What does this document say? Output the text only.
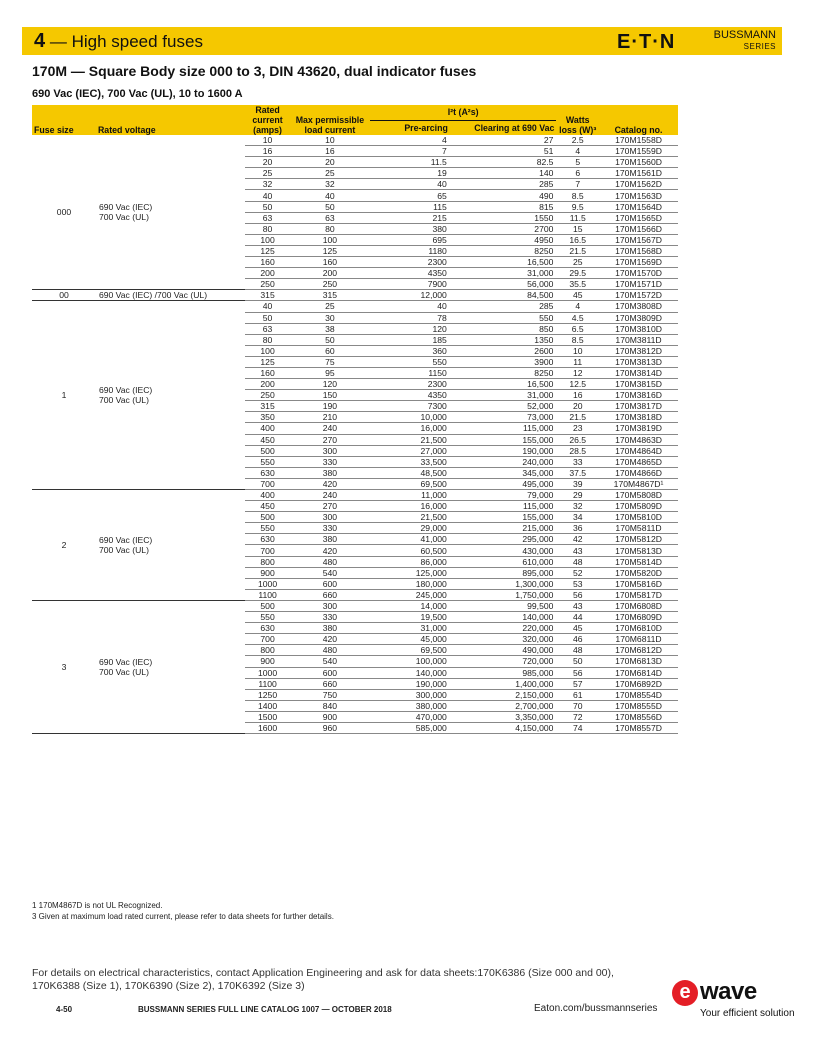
4 — High speed fuses	E·T·N	BUSSMANN
SERIES
170M — Square Body size 000 to 3, DIN 43620, dual indicator fuses
690 Vac (IEC), 700 Vac (UL), 10 to 1600 A
Fuse size	Rated voltage	Rated current (amps)	Max permissible load current	I²t (A²s)		Watts loss (W)³	Catalog no.
				Pre-arcing	Clearing at 690 Vac		
000	690 Vac (IEC)
700 Vac (UL)	10	10	4	27	2.5	170M1558D
		16	16	7	51	4	170M1559D
		20	20	11.5	82.5	5	170M1560D
		25	25	19	140	6	170M1561D
		32	32	40	285	7	170M1562D
		40	40	65	490	8.5	170M1563D
		50	50	115	815	9.5	170M1564D
		63	63	215	1550	11.5	170M1565D
		80	80	380	2700	15	170M1566D
		100	100	695	4950	16.5	170M1567D
		125	125	1180	8250	21.5	170M1568D
		160	160	2300	16,500	25	170M1569D
		200	200	4350	31,000	29.5	170M1570D
		250	250	7900	56,000	35.5	170M1571D
00	690 Vac (IEC) /700 Vac (UL)	315	315	12,000	84,500	45	170M1572D
1	690 Vac (IEC)
700 Vac (UL)	40	25	40	285	4	170M3808D
		50	30	78	550	4.5	170M3809D
		63	38	120	850	6.5	170M3810D
		80	50	185	1350	8.5	170M3811D
		100	60	360	2600	10	170M3812D
		125	75	550	3900	11	170M3813D
		160	95	1150	8250	12	170M3814D
		200	120	2300	16,500	12.5	170M3815D
		250	150	4350	31,000	16	170M3816D
		315	190	7300	52,000	20	170M3817D
		350	210	10,000	73,000	21.5	170M3818D
		400	240	16,000	115,000	23	170M3819D
		450	270	21,500	155,000	26.5	170M4863D
		500	300	27,000	190,000	28.5	170M4864D
		550	330	33,500	240,000	33	170M4865D
		630	380	48,500	345,000	37.5	170M4866D
		700	420	69,500	495,000	39	170M4867D¹
2	690 Vac (IEC)
700 Vac (UL)	400	240	11,000	79,000	29	170M5808D
		450	270	16,000	115,000	32	170M5809D
		500	300	21,500	155,000	34	170M5810D
		550	330	29,000	215,000	36	170M5811D
		630	380	41,000	295,000	42	170M5812D
		700	420	60,500	430,000	43	170M5813D
		800	480	86,000	610,000	48	170M5814D
		900	540	125,000	895,000	52	170M5820D
		1000	600	180,000	1,300,000	53	170M5816D
		1100	660	245,000	1,750,000	56	170M5817D
3	690 Vac (IEC)
700 Vac (UL)	500	300	14,000	99,500	43	170M6808D
		550	330	19,500	140,000	44	170M6809D
		630	380	31,000	220,000	45	170M6810D
		700	420	45,000	320,000	46	170M6811D
		800	480	69,500	490,000	48	170M6812D
		900	540	100,000	720,000	50	170M6813D
		1000	600	140,000	985,000	56	170M6814D
		1100	660	190,000	1,400,000	57	170M6892D
		1250	750	300,000	2,150,000	61	170M8554D
		1400	840	380,000	2,700,000	70	170M8555D
		1500	900	470,000	3,350,000	72	170M8556D
		1600	960	585,000	4,150,000	74	170M8557D
1 170M4867D is not UL Recognized.
3 Given at maximum load rated current, please refer to data sheets for further details.
For details on electrical characteristics, contact Application Engineering and ask for data sheets:170K6386 (Size 000 and 00), 170K6388 (Size 1), 170K6390 (Size 2), 170K6392 (Size 3)
4-50	BUSSMANN SERIES FULL LINE CATALOG 1007 — OCTOBER 2018	Eaton.com/bussmannseries
e wave
Your efficient solution
